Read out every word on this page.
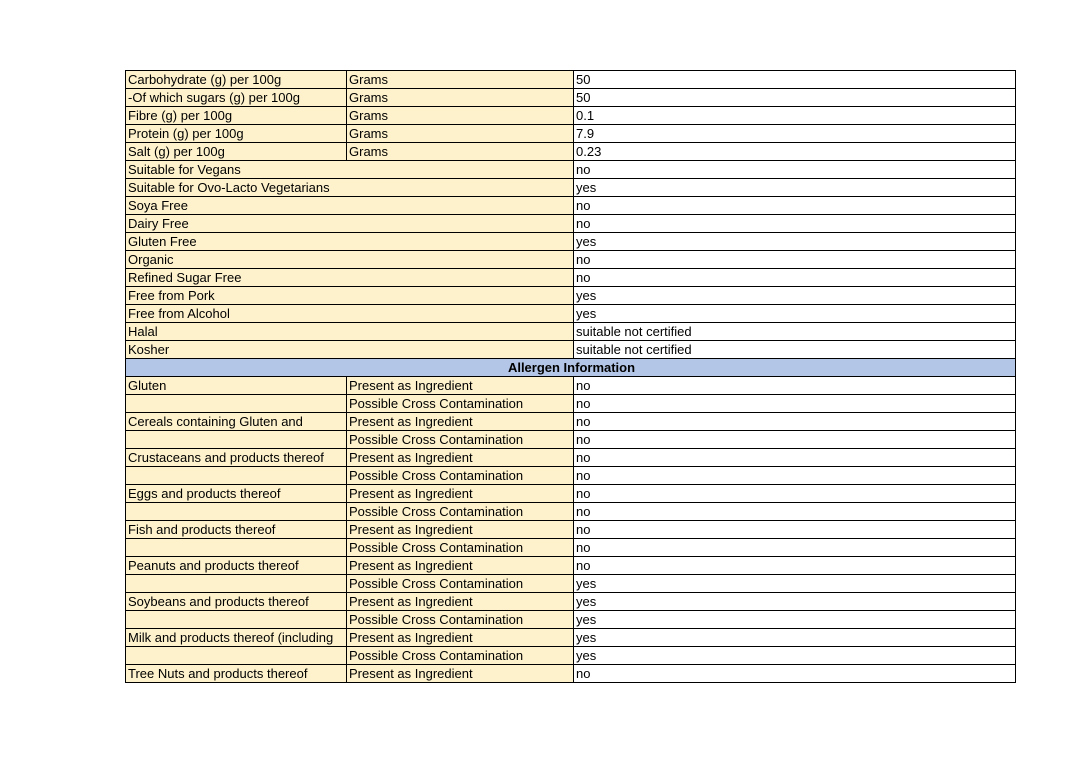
Carbohydrate (g) per 100g	Grams	50
-Of which sugars (g) per 100g	Grams	50
Fibre (g) per 100g	Grams	0.1
Protein (g) per 100g	Grams	7.9
Salt (g) per 100g	Grams	0.23
Suitable for Vegans		no
Suitable for Ovo-Lacto Vegetarians		yes
Soya Free		no
Dairy Free		no
Gluten Free		yes
Organic		no
Refined Sugar Free		no
Free from Pork		yes
Free from Alcohol		yes
Halal		suitable not certified
Kosher		suitable not certified
Allergen Information		
Gluten	Present as Ingredient	no
	Possible Cross Contamination	no
Cereals containing Gluten and	Present as Ingredient	no
	Possible Cross Contamination	no
Crustaceans and products thereof	Present as Ingredient	no
	Possible Cross Contamination	no
Eggs and products thereof	Present as Ingredient	no
	Possible Cross Contamination	no
Fish and products thereof	Present as Ingredient	no
	Possible Cross Contamination	no
Peanuts and products thereof	Present as Ingredient	no
	Possible Cross Contamination	yes
Soybeans and products thereof	Present as Ingredient	yes
	Possible Cross Contamination	yes
Milk and products thereof (including	Present as Ingredient	yes
	Possible Cross Contamination	yes
Tree Nuts and products thereof	Present as Ingredient	no
